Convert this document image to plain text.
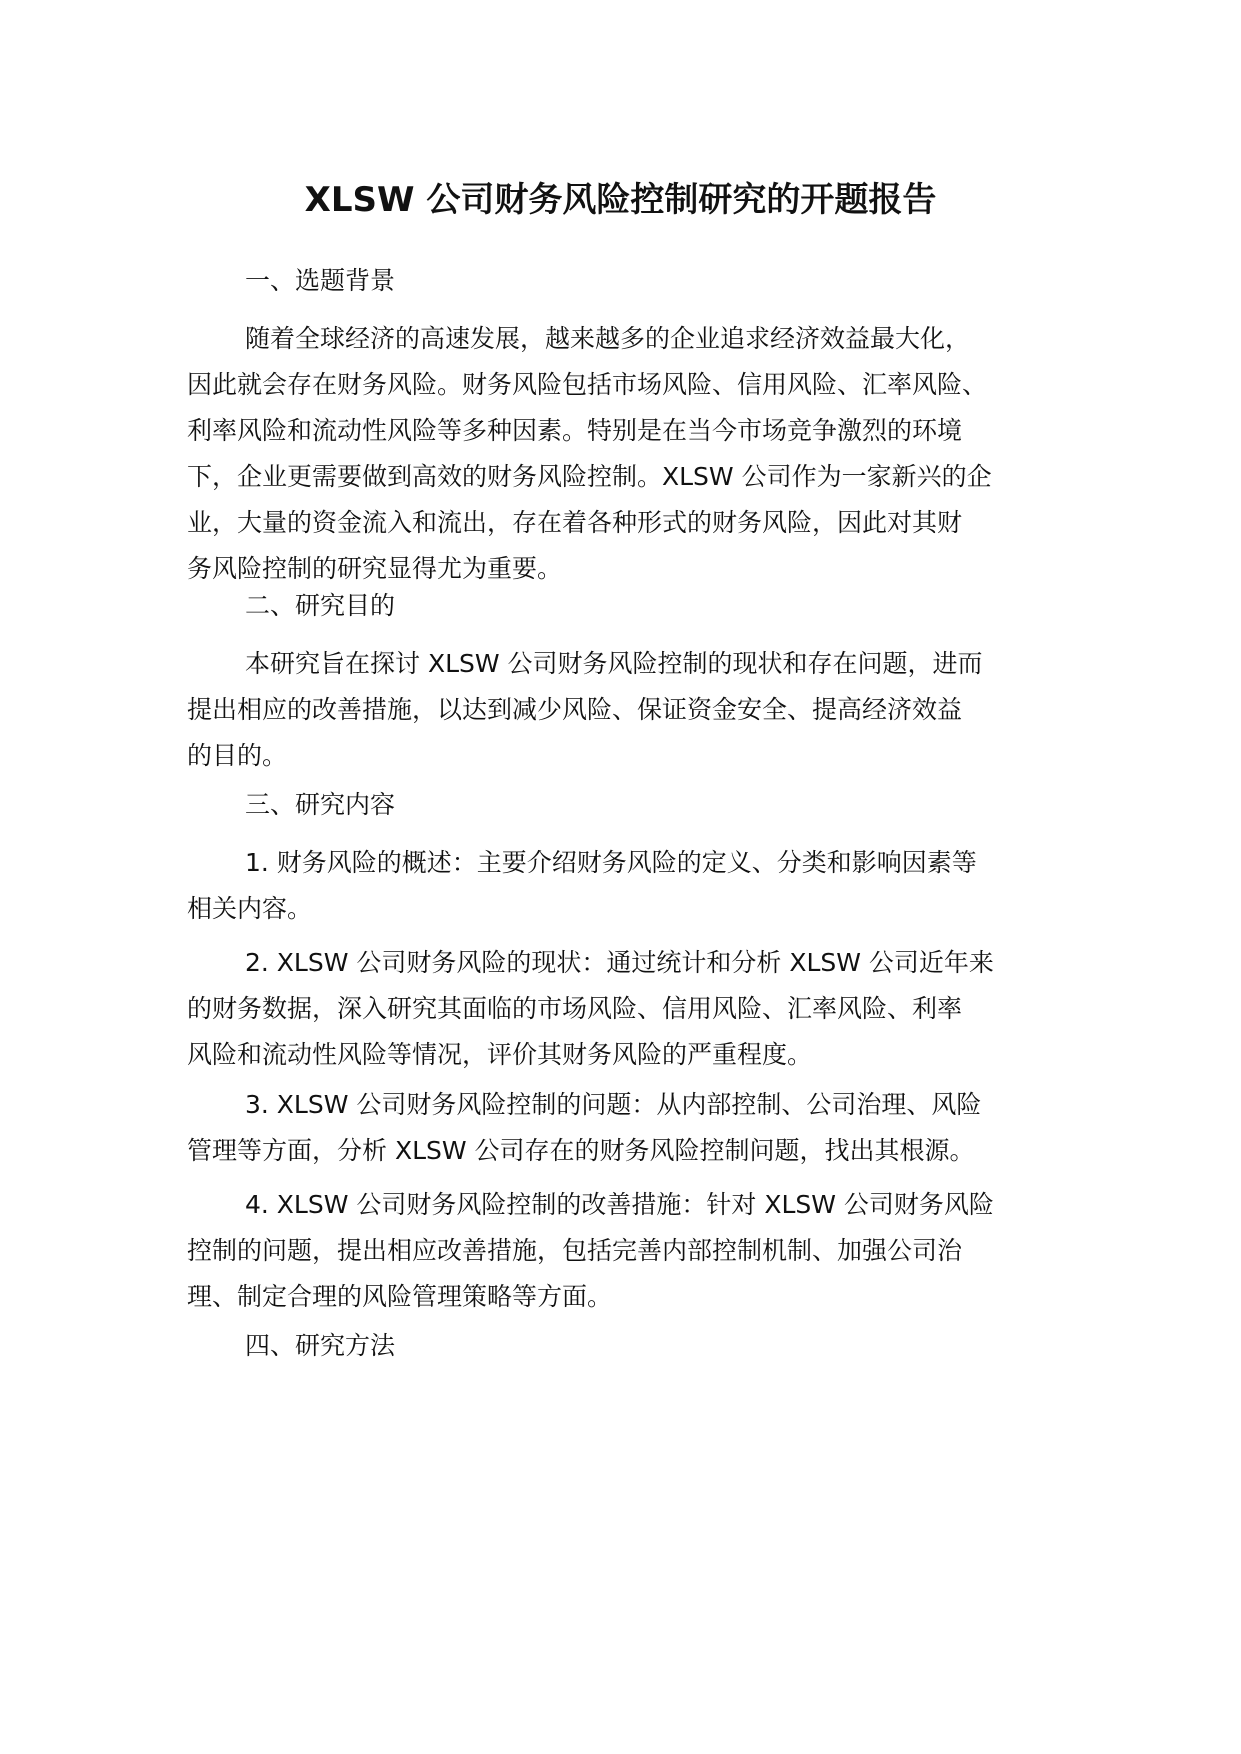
XLSW 公司财务风险控制研究的开题报告
一、选题背景
随着全球经济的高速发展，越来越多的企业追求经济效益最大化，
因此就会存在财务风险。财务风险包括市场风险、信用风险、汇率风险、
利率风险和流动性风险等多种因素。特别是在当今市场竞争激烈的环境
下，企业更需要做到高效的财务风险控制。XLSW 公司作为一家新兴的企
业，大量的资金流入和流出，存在着各种形式的财务风险，因此对其财
务风险控制的研究显得尤为重要。
二、研究目的
本研究旨在探讨 XLSW 公司财务风险控制的现状和存在问题，进而
提出相应的改善措施，以达到减少风险、保证资金安全、提高经济效益
的目的。
三、研究内容
1. 财务风险的概述：主要介绍财务风险的定义、分类和影响因素等
相关内容。
2. XLSW 公司财务风险的现状：通过统计和分析 XLSW 公司近年来
的财务数据，深入研究其面临的市场风险、信用风险、汇率风险、利率
风险和流动性风险等情况，评价其财务风险的严重程度。
3. XLSW 公司财务风险控制的问题：从内部控制、公司治理、风险
管理等方面，分析 XLSW 公司存在的财务风险控制问题，找出其根源。
4. XLSW 公司财务风险控制的改善措施：针对 XLSW 公司财务风险
控制的问题，提出相应改善措施，包括完善内部控制机制、加强公司治
理、制定合理的风险管理策略等方面。
四、研究方法
